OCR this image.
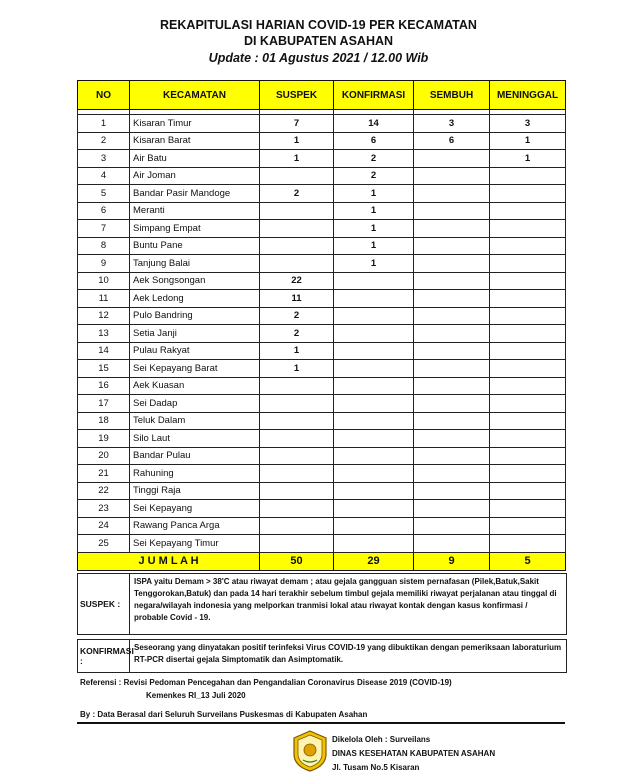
REKAPITULASI HARIAN COVID-19 PER KECAMATAN
DI KABUPATEN ASAHAN
Update : 01 Agustus 2021 / 12.00 Wib
NO	KECAMATAN	SUSPEK	KONFIRMASI	SEMBUH	MENINGGAL

1	Kisaran Timur	7	14	3	3
2	Kisaran Barat	1	6	6	1
3	Air Batu	1	2		1
4	Air Joman		2		
5	Bandar Pasir Mandoge	2	1		
6	Meranti		1		
7	Simpang Empat		1		
8	Buntu Pane		1		
9	Tanjung Balai		1		
10	Aek Songsongan	22			
11	Aek Ledong	11			
12	Pulo Bandring	2			
13	Setia Janji	2			
14	Pulau Rakyat	1			
15	Sei Kepayang Barat	1			
16	Aek Kuasan				
17	Sei Dadap				
18	Teluk Dalam				
19	Silo Laut				
20	Bandar Pulau				
21	Rahuning				
22	Tinggi Raja				
23	Sei Kepayang				
24	Rawang Panca Arga				
25	Sei Kepayang Timur				
J U M L A H		50	29	9	5
SUSPEK :
ISPA yaitu Demam > 38'C atau riwayat demam ; atau gejala gangguan sistem pernafasan (Pilek,Batuk,Sakit Tenggorokan,Batuk) dan pada 14 hari terakhir sebelum timbul gejala memiliki riwayat perjalanan atau tinggal di negara/wilayah indonesia yang melporkan tranmisi lokal atau riwayat kontak dengan kasus konfirmasi / probable Covid - 19.
KONFIRMASI :
Seseorang yang dinyatakan positif terinfeksi Virus COVID-19 yang dibuktikan dengan pemeriksaan laboraturium RT-PCR disertai gejala Simptomatik dan Asimptomatik.
Referensi : Revisi Pedoman Pencegahan dan Pengandalian Coronavirus Disease 2019 (COVID-19)
Kemenkes RI_13 Juli 2020
By : Data Berasal dari Seluruh Surveilans Puskesmas di Kabupaten Asahan
Dikelola Oleh : Surveilans
DINAS KESEHATAN KABUPATEN ASAHAN
Jl. Tusam No.5 Kisaran
